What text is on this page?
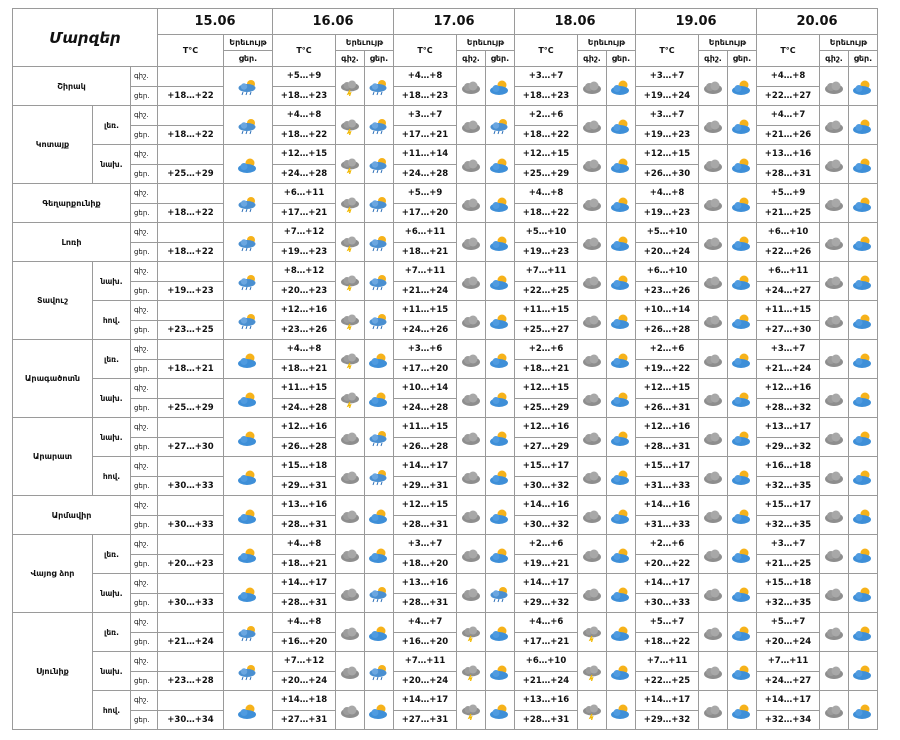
Մարզեր			15.06		16.06			17.06			18.06			19.06			20.06		
			T°C	Երեւույթ	T°C	Երեւույթ		T°C	Երեւույթ		T°C	Երեւույթ		T°C	Երեւույթ		T°C	Երեւույթ	
				ցեր.		գիշ.	ցեր.		գիշ.	ցեր.		գիշ.	ցեր.		գիշ.	ցեր.		գիշ.	ցեր.
Շիրակ		գիշ.			+5…+9			+4…+8			+3…+7			+3…+7			+4…+8		
		ցեր.	+18…+22		+18…+23			+18…+23			+18…+23			+19…+24			+22…+27		
Կոտայք	լեռ.	գիշ.			+4…+8			+3…+7			+2…+6			+3…+7			+4…+7		
		ցեր.	+18…+22		+18…+22			+17…+21			+18…+22			+19…+23			+21…+26		
	նախ.	գիշ.			+12…+15			+11…+14			+12…+15			+12…+15			+13…+16		
		ցեր.	+25…+29		+24…+28			+24…+28			+25…+29			+26…+30			+28…+31		
Գեղարքունիք		գիշ.			+6…+11			+5…+9			+4…+8			+4…+8			+5…+9		
		ցեր.	+18…+22		+17…+21			+17…+20			+18…+22			+19…+23			+21…+25		
Լոռի		գիշ.			+7…+12			+6…+11			+5…+10			+5…+10			+6…+10		
		ցեր.	+18…+22		+19…+23			+18…+21			+19…+23			+20…+24			+22…+26		
Տավուշ	նախ.	գիշ.			+8…+12			+7…+11			+7…+11			+6…+10			+6…+11		
		ցեր.	+19…+23		+20…+23			+21…+24			+22…+25			+23…+26			+24…+27		
	հով.	գիշ.			+12…+16			+11…+15			+11…+15			+10…+14			+11…+15		
		ցեր.	+23…+25		+23…+26			+24…+26			+25…+27			+26…+28			+27…+30		
Արագածոտն	լեռ.	գիշ.			+4…+8			+3…+6			+2…+6			+2…+6			+3…+7		
		ցեր.	+18…+21		+18…+21			+17…+20			+18…+21			+19…+22			+21…+24		
	նախ.	գիշ.			+11…+15			+10…+14			+12…+15			+12…+15			+12…+16		
		ցեր.	+25…+29		+24…+28			+24…+28			+25…+29			+26…+31			+28…+32		
Արարատ	նախ.	գիշ.			+12…+16			+11…+15			+12…+16			+12…+16			+13…+17		
		ցեր.	+27…+30		+26…+28			+26…+28			+27…+29			+28…+31			+29…+32		
	հով.	գիշ.			+15…+18			+14…+17			+15…+17			+15…+17			+16…+18		
		ցեր.	+30…+33		+29…+31			+29…+31			+30…+32			+31…+33			+32…+35		
Արմավիր		գիշ.			+13…+16			+12…+15			+14…+16			+14…+16			+15…+17		
		ցեր.	+30…+33		+28…+31			+28…+31			+30…+32			+31…+33			+32…+35		
Վայոց ձոր	լեռ.	գիշ.			+4…+8			+3…+7			+2…+6			+2…+6			+3…+7		
		ցեր.	+20…+23		+18…+21			+18…+20			+19…+21			+20…+22			+21…+25		
	նախ.	գիշ.			+14…+17			+13…+16			+14…+17			+14…+17			+15…+18		
		ցեր.	+30…+33		+28…+31			+28…+31			+29…+32			+30…+33			+32…+35		
Սյունիք	լեռ.	գիշ.			+4…+8			+4…+7			+4…+6			+5…+7			+5…+7		
		ցեր.	+21…+24		+16…+20			+16…+20			+17…+21			+18…+22			+20…+24		
	նախ.	գիշ.			+7…+12			+7…+11			+6…+10			+7…+11			+7…+11		
		ցեր.	+23…+28		+20…+24			+20…+24			+21…+24			+22…+25			+24…+27		
	հով.	գիշ.			+14…+18			+14…+17			+13…+16			+14…+17			+14…+17		
		ցեր.	+30…+34		+27…+31			+27…+31			+28…+31			+29…+32			+32…+34		
